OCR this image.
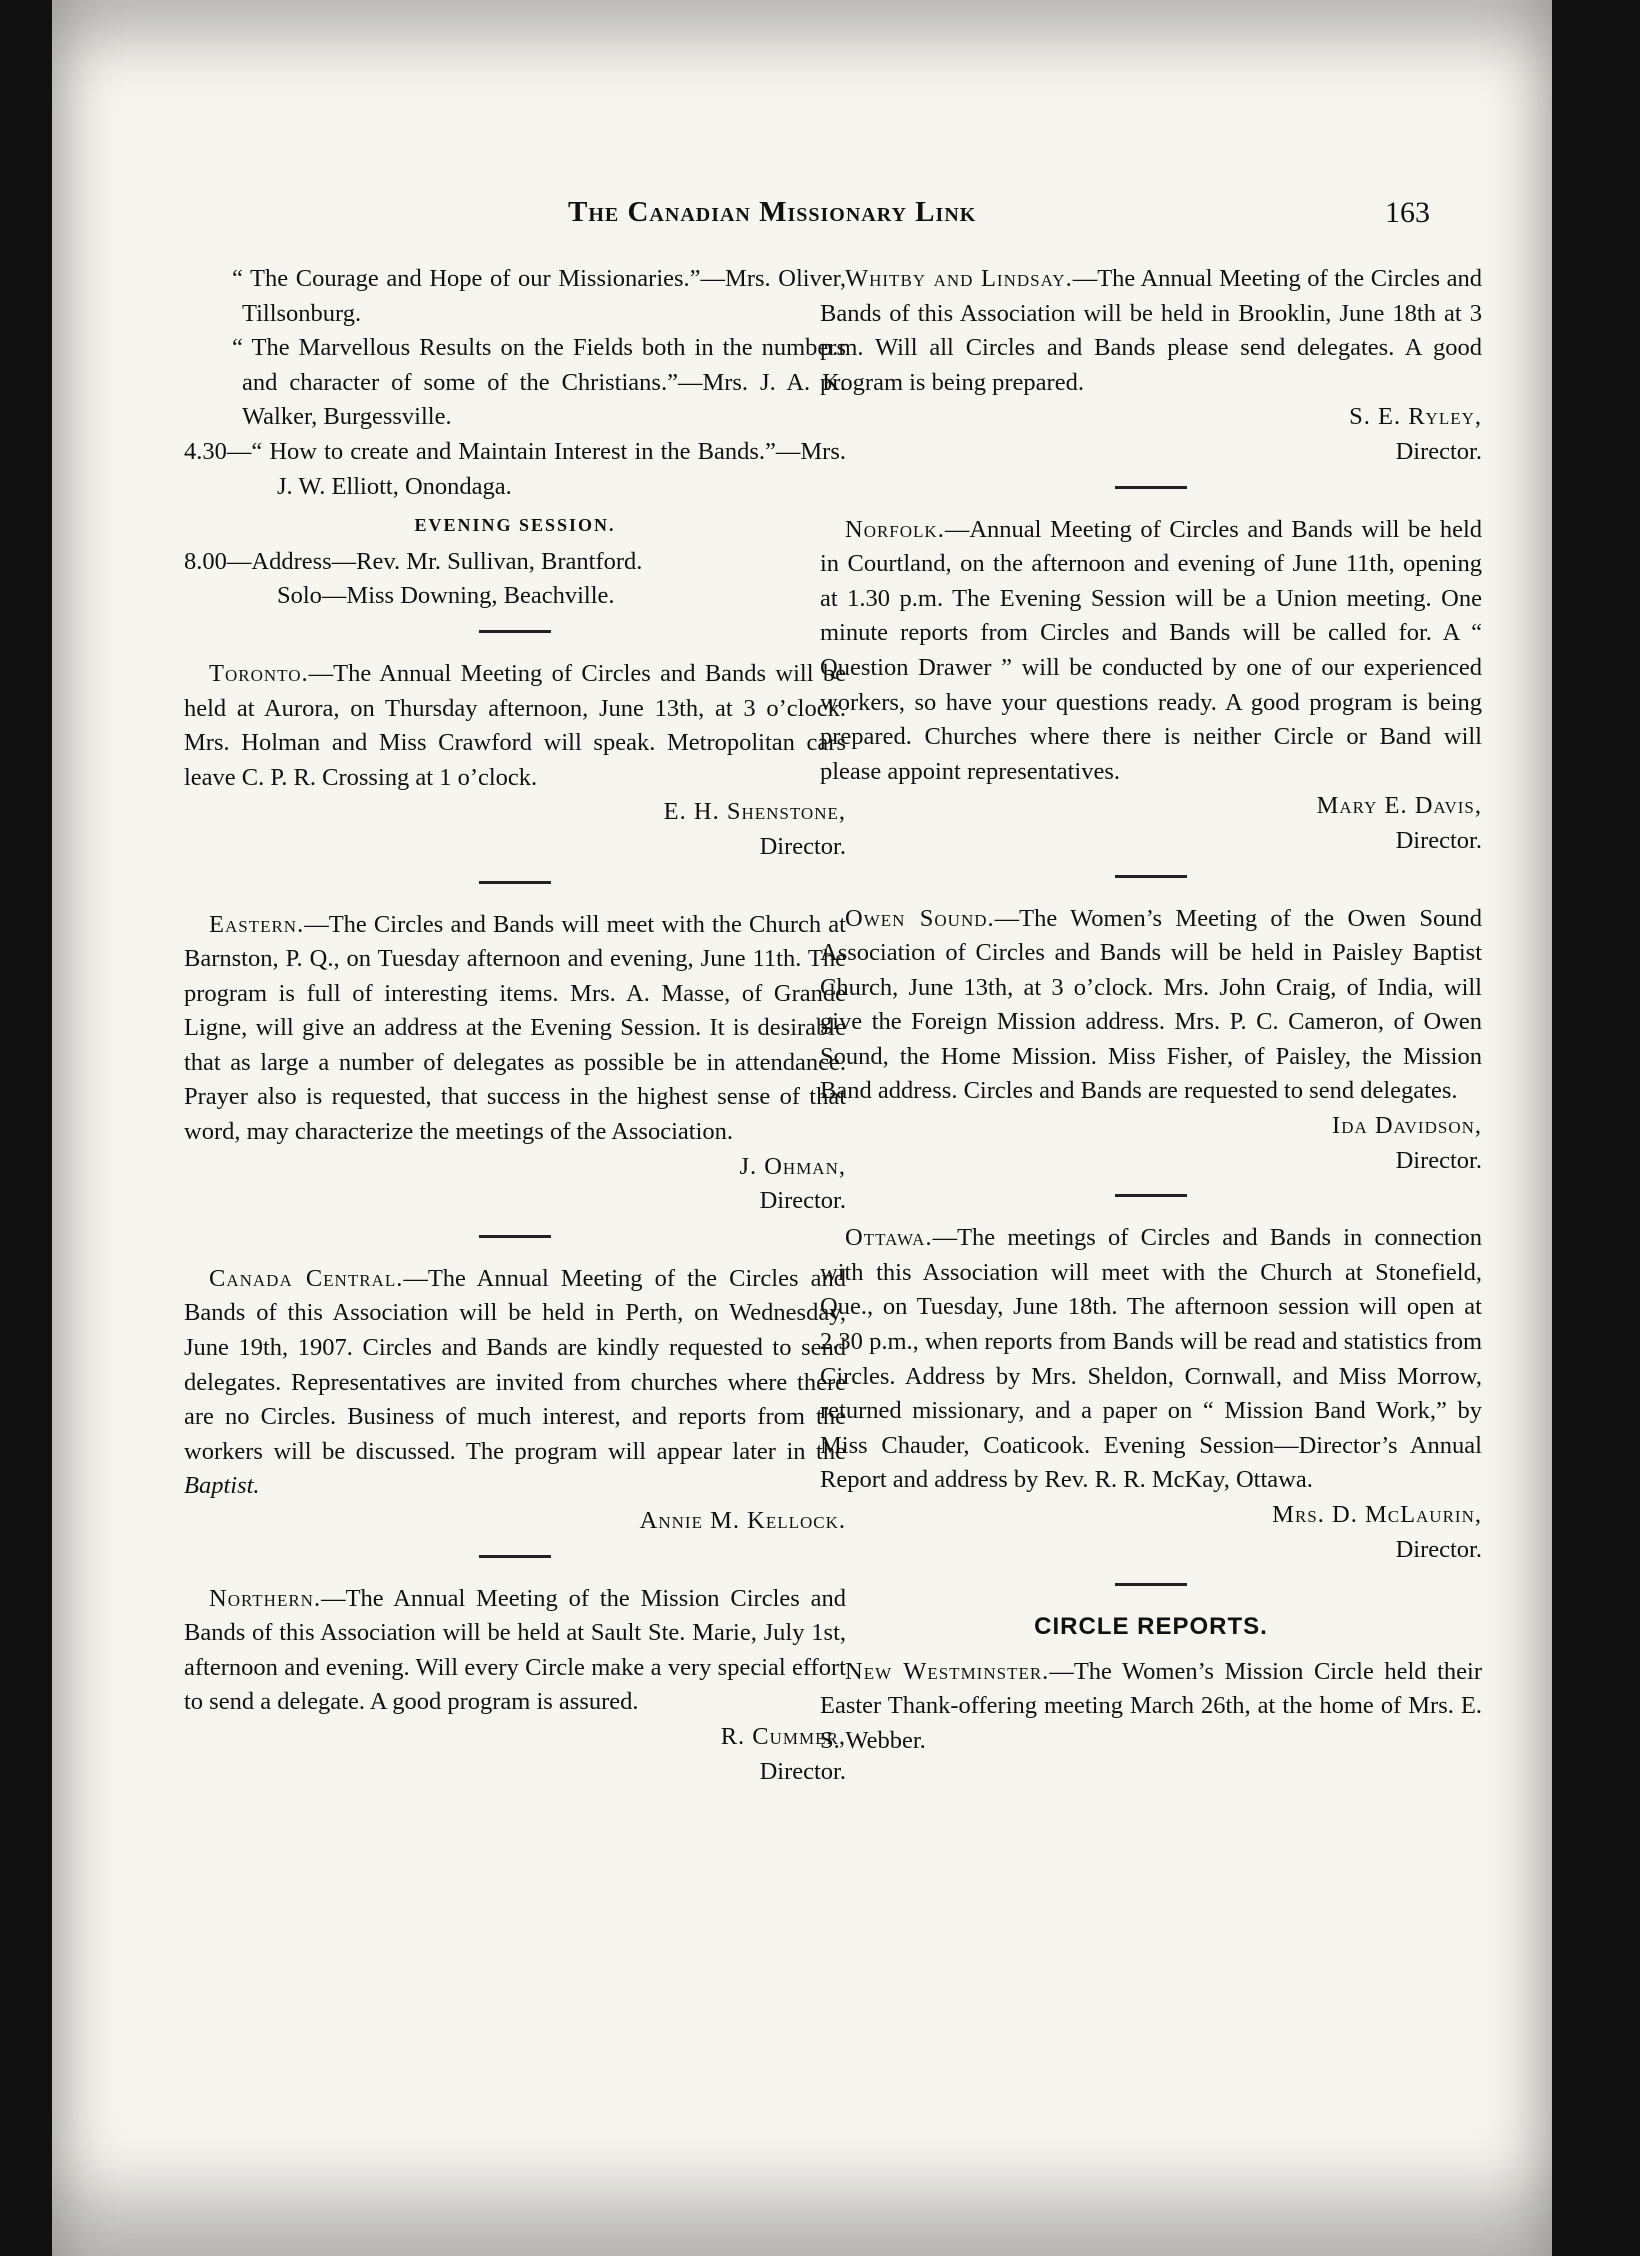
The Canadian Missionary Link	163

“ The Courage and Hope of our Missionaries.”—Mrs. Oliver, Tillsonburg.

“ The Marvellous Results on the Fields both in the numbers and character of some of the Christians.”—Mrs. J. A. K. Walker, Burgessville.

4.30—“ How to create and Maintain Interest in the Bands.”—Mrs. J. W. Elliott, Onondaga.

EVENING SESSION.

8.00—Address—Rev. Mr. Sullivan, Brantford.

Solo—Miss Downing, Beachville.

Toronto.—The Annual Meeting of Circles and Bands will be held at Aurora, on Thursday afternoon, June 13th, at 3 o’clock. Mrs. Holman and Miss Crawford will speak. Metropolitan cars leave C. P. R. Crossing at 1 o’clock.

E. H. Shenstone,

Director.

Eastern.—The Circles and Bands will meet with the Church at Barnston, P. Q., on Tuesday afternoon and evening, June 11th. The program is full of interesting items. Mrs. A. Masse, of Grande Ligne, will give an address at the Evening Session. It is desirable that as large a number of delegates as possible be in attendance. Prayer also is requested, that success in the highest sense of that word, may characterize the meetings of the Association.

J. Ohman,

Director.

Canada Central.—The Annual Meeting of the Circles and Bands of this Association will be held in Perth, on Wednesday, June 19th, 1907. Circles and Bands are kindly requested to send delegates. Representatives are invited from churches where there are no Circles. Business of much interest, and reports from the workers will be discussed. The program will appear later in the Baptist.

Annie M. Kellock.

Northern.—The Annual Meeting of the Mission Circles and Bands of this Association will be held at Sault Ste. Marie, July 1st, afternoon and evening. Will every Circle make a very special effort to send a delegate. A good program is assured.

R. Cummer,

Director.

Whitby and Lindsay.—The Annual Meeting of the Circles and Bands of this Association will be held in Brooklin, June 18th at 3 p.m. Will all Circles and Bands please send delegates. A good program is being prepared.

S. E. Ryley,

Director.

Norfolk.—Annual Meeting of Circles and Bands will be held in Courtland, on the afternoon and evening of June 11th, opening at 1.30 p.m. The Evening Session will be a Union meeting. One minute reports from Circles and Bands will be called for. A “ Question Drawer ” will be conducted by one of our experienced workers, so have your questions ready. A good program is being prepared. Churches where there is neither Circle or Band will please appoint representatives.

Mary E. Davis,

Director.

Owen Sound.—The Women’s Meeting of the Owen Sound Association of Circles and Bands will be held in Paisley Baptist Church, June 13th, at 3 o’clock. Mrs. John Craig, of India, will give the Foreign Mission address. Mrs. P. C. Cameron, of Owen Sound, the Home Mission. Miss Fisher, of Paisley, the Mission Band address. Circles and Bands are requested to send delegates.

Ida Davidson,

Director.

Ottawa.—The meetings of Circles and Bands in connection with this Association will meet with the Church at Stonefield, Que., on Tuesday, June 18th. The afternoon session will open at 2.30 p.m., when reports from Bands will be read and statistics from Circles. Address by Mrs. Sheldon, Cornwall, and Miss Morrow, returned missionary, and a paper on “ Mission Band Work,” by Miss Chauder, Coaticook. Evening Session—Director’s Annual Report and address by Rev. R. R. McKay, Ottawa.

Mrs. D. McLaurin,

Director.

CIRCLE REPORTS.

New Westminster.—The Women’s Mission Circle held their Easter Thank-offering meeting March 26th, at the home of Mrs. E. S. Webber.
